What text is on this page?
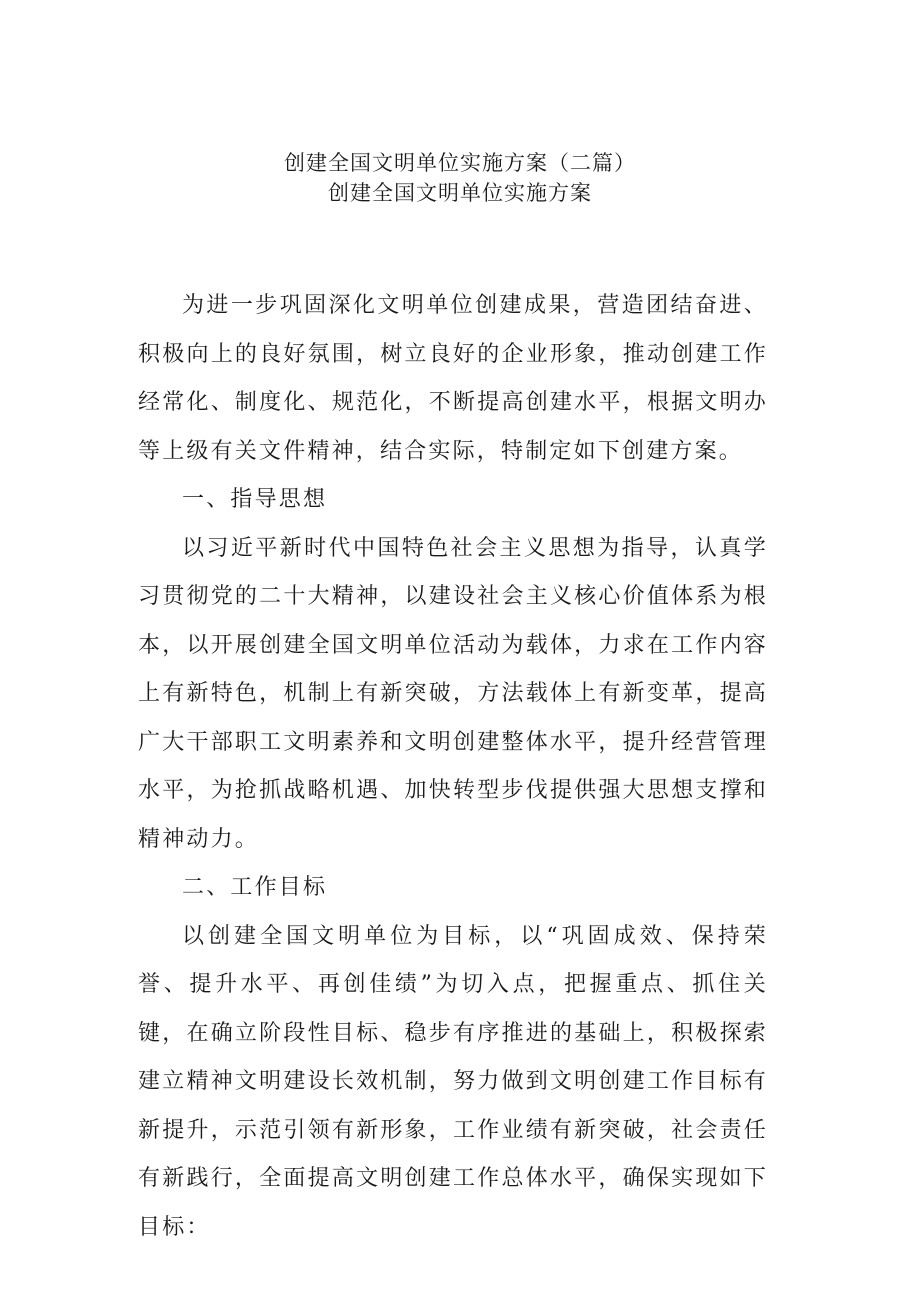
创建全国文明单位实施方案（二篇）
创建全国文明单位实施方案

为进一步巩固深化文明单位创建成果，营造团结奋进、积极向上的良好氛围，树立良好的企业形象，推动创建工作经常化、制度化、规范化，不断提高创建水平，根据文明办等上级有关文件精神，结合实际，特制定如下创建方案。

一、指导思想

以习近平新时代中国特色社会主义思想为指导，认真学习贯彻党的二十大精神，以建设社会主义核心价值体系为根本，以开展创建全国文明单位活动为载体，力求在工作内容上有新特色，机制上有新突破，方法载体上有新变革，提高广大干部职工文明素养和文明创建整体水平，提升经营管理水平，为抢抓战略机遇、加快转型步伐提供强大思想支撑和精神动力。

二、工作目标

以创建全国文明单位为目标，以“巩固成效、保持荣誉、提升水平、再创佳绩”为切入点，把握重点、抓住关键，在确立阶段性目标、稳步有序推进的基础上，积极探索建立精神文明建设长效机制，努力做到文明创建工作目标有新提升，示范引领有新形象，工作业绩有新突破，社会责任有新践行，全面提高文明创建工作总体水平，确保实现如下目标：
